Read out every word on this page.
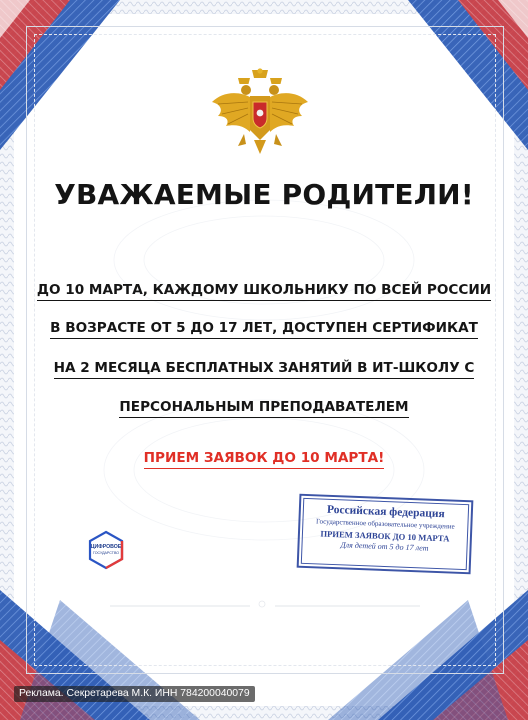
УВАЖАЕМЫЕ РОДИТЕЛИ!
ДО 10 МАРТА, КАЖДОМУ ШКОЛЬНИКУ ПО ВСЕЙ РОССИИ
В ВОЗРАСТЕ ОТ 5 ДО 17 ЛЕТ, ДОСТУПЕН СЕРТИФИКАТ
НА 2 МЕСЯЦА БЕСПЛАТНЫХ ЗАНЯТИЙ В ИТ-ШКОЛУ С
ПЕРСОНАЛЬНЫМ ПРЕПОДАВАТЕЛЕМ
ПРИЕМ ЗАЯВОК ДО 10 МАРТА!
Российская федерация
Государственное образовательное учреждение
ПРИЕМ ЗАЯВОК ДО 10 МАРТА
Для детей от 5 до 17 лет
ЦИФРОВОЕ
ГОСУДАРСТВО
Реклама. Секретарева М.К. ИНН 784200040079
